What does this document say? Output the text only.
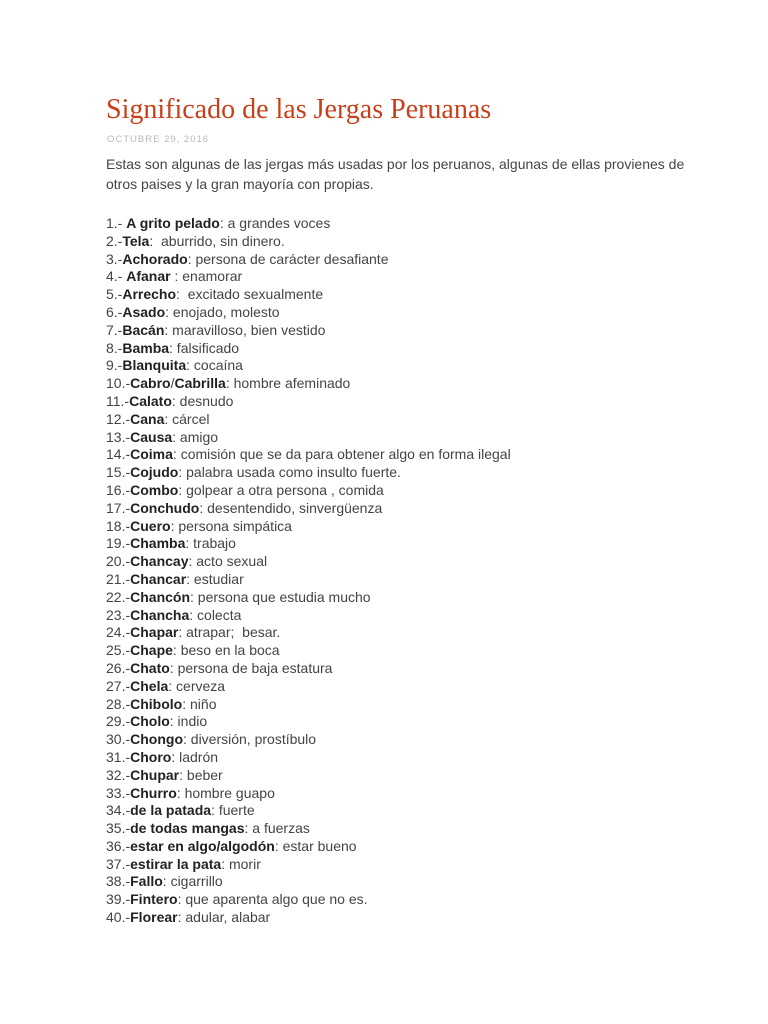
Significado de las Jergas Peruanas
OCTUBRE 29, 2016

Estas son algunas de las jergas más usadas por los peruanos, algunas de ellas provienes de otros paises y la gran mayoría con propias.

1.- A grito pelado: a grandes voces
2.-Tela:  aburrido, sin dinero.
3.-Achorado: persona de carácter desafiante
4.- Afanar : enamorar
5.-Arrecho:  excitado sexualmente
6.-Asado: enojado, molesto
7.-Bacán: maravilloso, bien vestido
8.-Bamba: falsificado
9.-Blanquita: cocaína
10.-Cabro/Cabrilla: hombre afeminado
11.-Calato: desnudo
12.-Cana: cárcel
13.-Causa: amigo
14.-Coima: comisión que se da para obtener algo en forma ilegal
15.-Cojudo: palabra usada como insulto fuerte.
16.-Combo: golpear a otra persona , comida
17.-Conchudo: desentendido, sinvergüenza
18.-Cuero: persona simpática
19.-Chamba: trabajo
20.-Chancay: acto sexual
21.-Chancar: estudiar
22.-Chancón: persona que estudia mucho
23.-Chancha: colecta
24.-Chapar: atrapar;  besar.
25.-Chape: beso en la boca
26.-Chato: persona de baja estatura
27.-Chela: cerveza
28.-Chibolo: niño
29.-Cholo: indio
30.-Chongo: diversión, prostíbulo
31.-Choro: ladrón
32.-Chupar: beber
33.-Churro: hombre guapo
34.-de la patada: fuerte
35.-de todas mangas: a fuerzas
36.-estar en algo/algodón: estar bueno
37.-estirar la pata: morir
38.-Fallo: cigarrillo
39.-Fintero: que aparenta algo que no es.
40.-Florear: adular, alabar
